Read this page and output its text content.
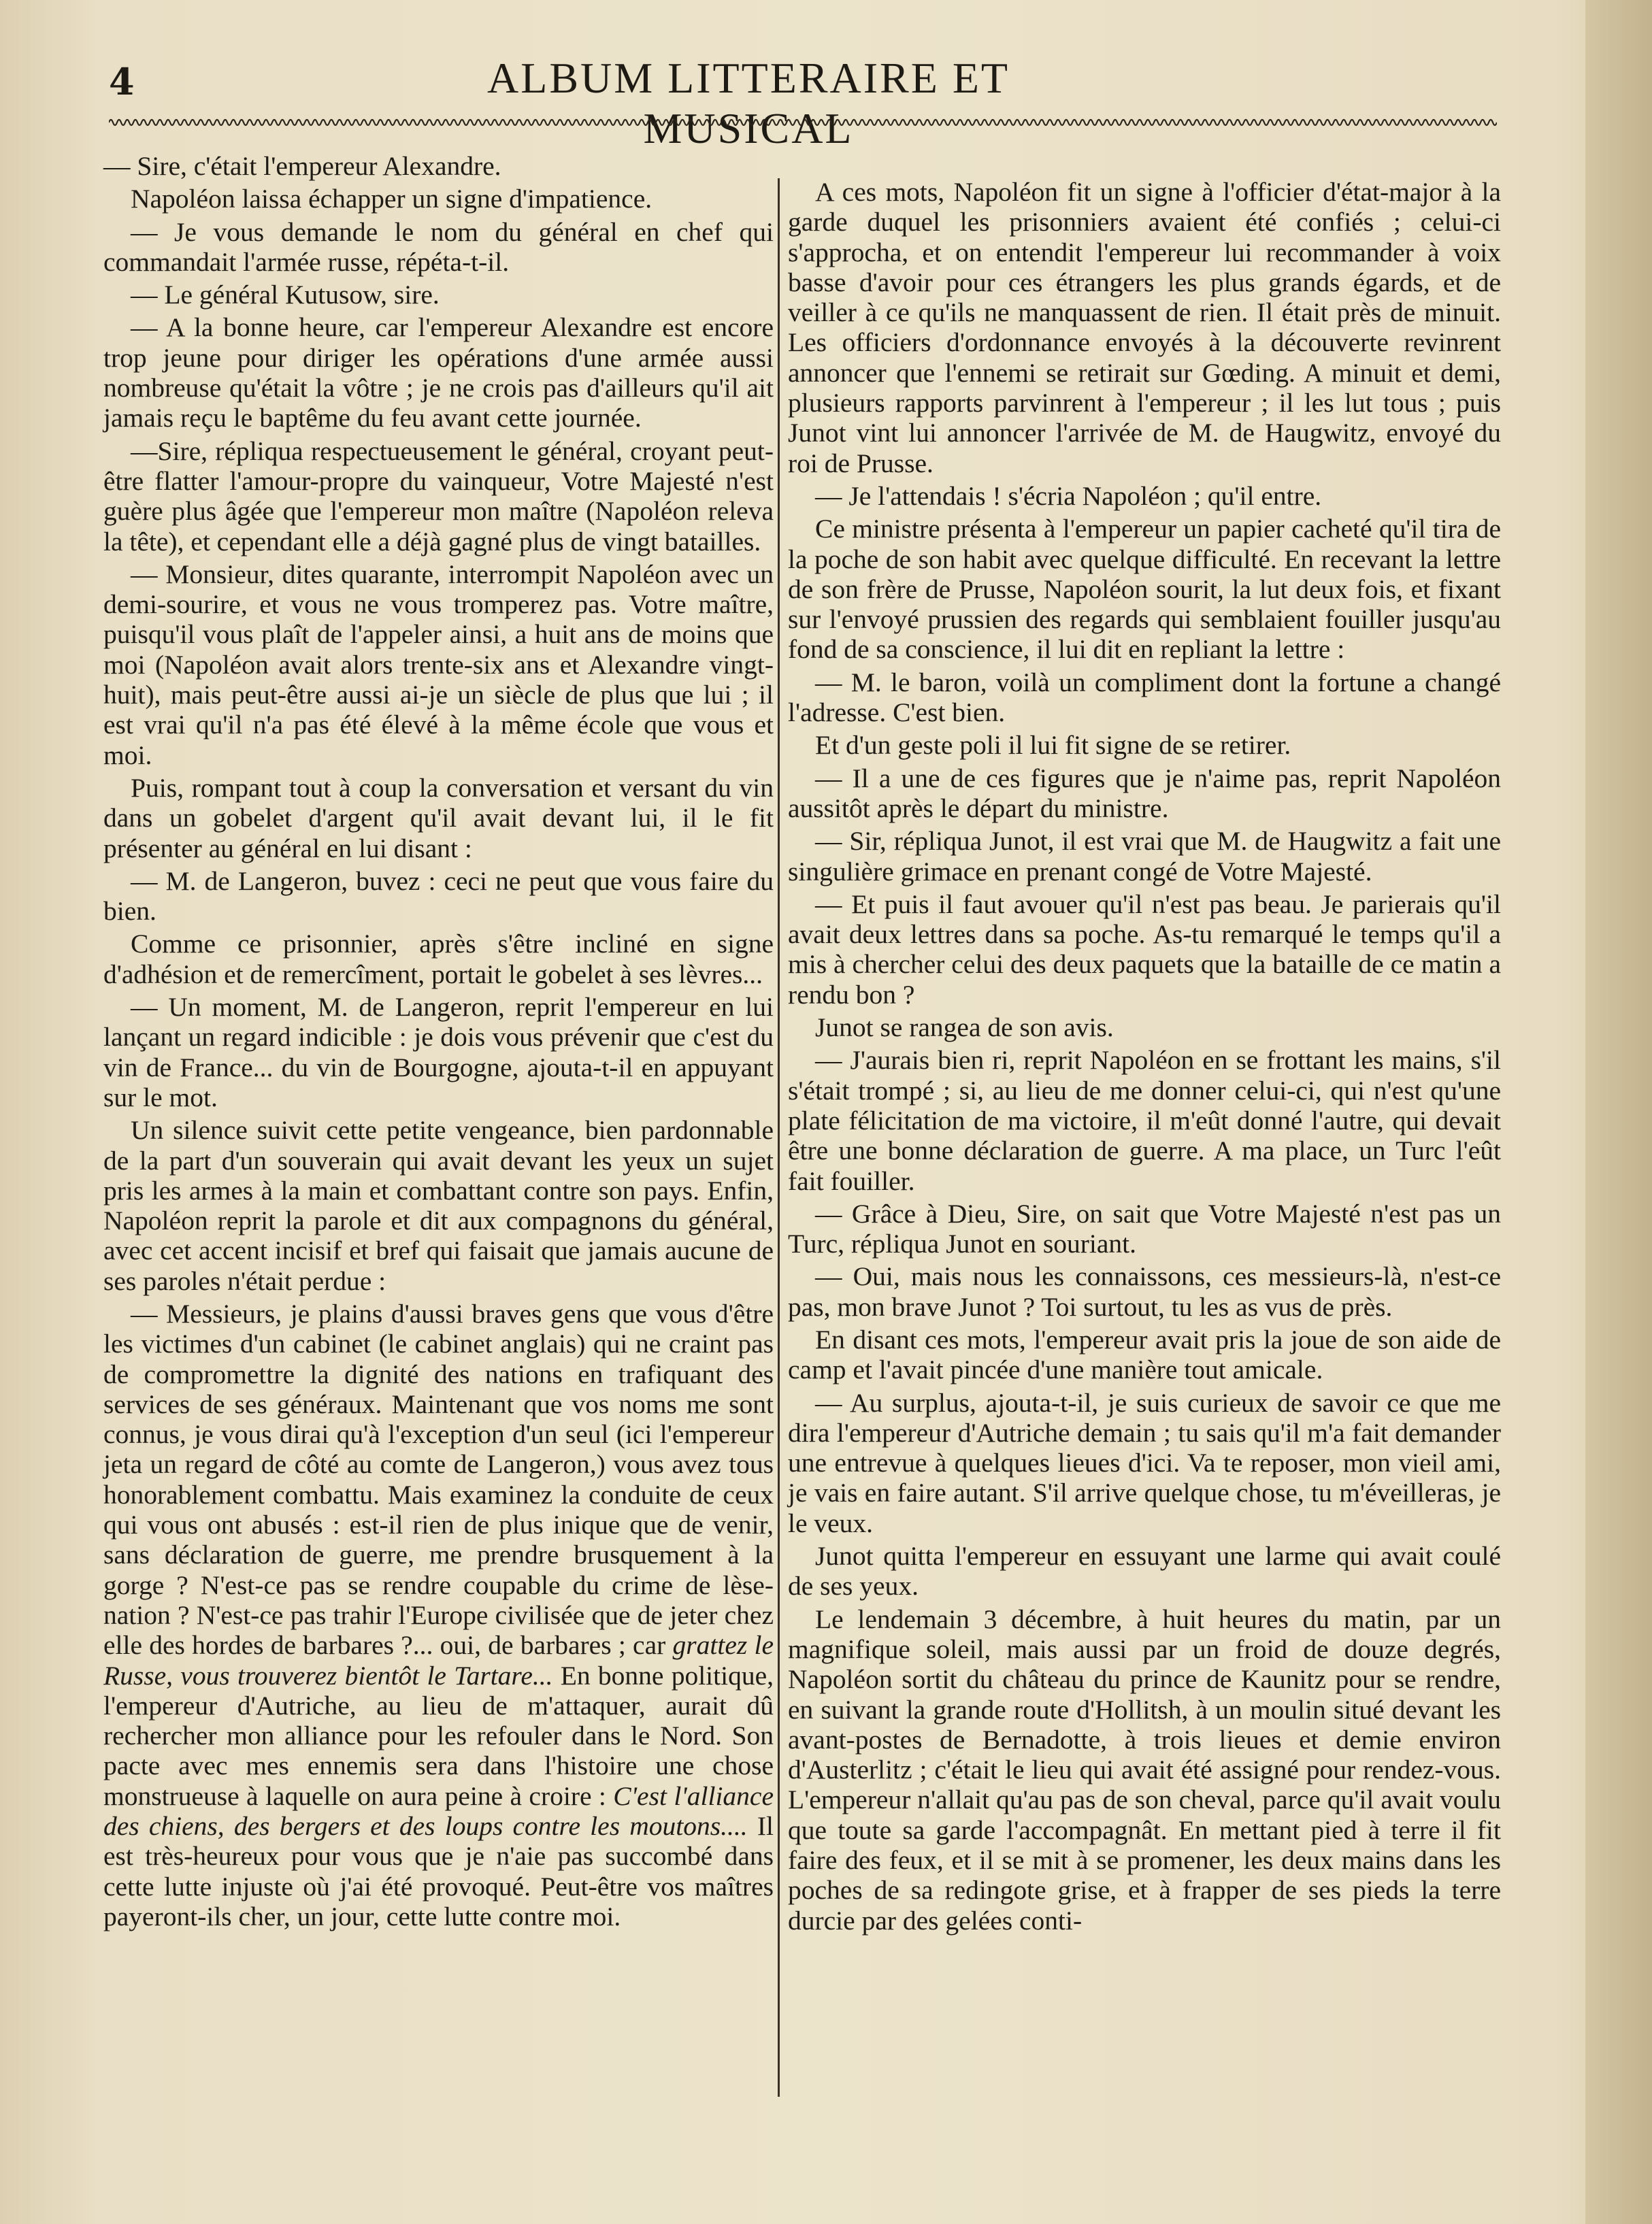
4	ALBUM LITTERAIRE ET MUSICAL

— Sire, c'était l'empereur Alexandre.

Napoléon laissa échapper un signe d'impatience.

— Je vous demande le nom du général en chef qui commandait l'armée russe, répéta-t-il.

— Le général Kutusow, sire.

— A la bonne heure, car l'empereur Alexandre est encore trop jeune pour diriger les opérations d'une armée aussi nombreuse qu'était la vôtre ; je ne crois pas d'ailleurs qu'il ait jamais reçu le baptême du feu avant cette journée.

—Sire, répliqua respectueusement le général, croyant peut-être flatter l'amour-propre du vainqueur, Votre Majesté n'est guère plus âgée que l'empereur mon maître (Napoléon releva la tête), et cependant elle a déjà gagné plus de vingt batailles.

— Monsieur, dites quarante, interrompit Napoléon avec un demi-sourire, et vous ne vous tromperez pas. Votre maître, puisqu'il vous plaît de l'appeler ainsi, a huit ans de moins que moi (Napoléon avait alors trente-six ans et Alexandre vingt-huit), mais peut-être aussi ai-je un siècle de plus que lui ; il est vrai qu'il n'a pas été élevé à la même école que vous et moi.

Puis, rompant tout à coup la conversation et versant du vin dans un gobelet d'argent qu'il avait devant lui, il le fit présenter au général en lui disant :

— M. de Langeron, buvez : ceci ne peut que vous faire du bien.

Comme ce prisonnier, après s'être incliné en signe d'adhésion et de remercîment, portait le gobelet à ses lèvres...

— Un moment, M. de Langeron, reprit l'empereur en lui lançant un regard indicible : je dois vous prévenir que c'est du vin de France... du vin de Bourgogne, ajouta-t-il en appuyant sur le mot.

Un silence suivit cette petite vengeance, bien pardonnable de la part d'un souverain qui avait devant les yeux un sujet pris les armes à la main et combattant contre son pays. Enfin, Napoléon reprit la parole et dit aux compagnons du général, avec cet accent incisif et bref qui faisait que jamais aucune de ses paroles n'était perdue :

— Messieurs, je plains d'aussi braves gens que vous d'être les victimes d'un cabinet (le cabinet anglais) qui ne craint pas de compromettre la dignité des nations en trafiquant des services de ses généraux. Maintenant que vos noms me sont connus, je vous dirai qu'à l'exception d'un seul (ici l'empereur jeta un regard de côté au comte de Langeron,) vous avez tous honorablement combattu. Mais examinez la conduite de ceux qui vous ont abusés : est-il rien de plus inique que de venir, sans déclaration de guerre, me prendre brusquement à la gorge ? N'est-ce pas se rendre coupable du crime de lèse-nation ? N'est-ce pas trahir l'Europe civilisée que de jeter chez elle des hordes de barbares ?... oui, de barbares ; car grattez le Russe, vous trouverez bientôt le Tartare... En bonne politique, l'empereur d'Autriche, au lieu de m'attaquer, aurait dû rechercher mon alliance pour les refouler dans le Nord. Son pacte avec mes ennemis sera dans l'histoire une chose monstrueuse à laquelle on aura peine à croire : C'est l'alliance des chiens, des bergers et des loups contre les moutons.... Il est très-heureux pour vous que je n'aie pas succombé dans cette lutte injuste où j'ai été provoqué. Peut-être vos maîtres payeront-ils cher, un jour, cette lutte contre moi.

A ces mots, Napoléon fit un signe à l'officier d'état-major à la garde duquel les prisonniers avaient été confiés ; celui-ci s'approcha, et on entendit l'empereur lui recommander à voix basse d'avoir pour ces étrangers les plus grands égards, et de veiller à ce qu'ils ne manquassent de rien. Il était près de minuit. Les officiers d'ordonnance envoyés à la découverte revinrent annoncer que l'ennemi se retirait sur Gœding. A minuit et demi, plusieurs rapports parvinrent à l'empereur ; il les lut tous ; puis Junot vint lui annoncer l'arrivée de M. de Haugwitz, envoyé du roi de Prusse.

— Je l'attendais ! s'écria Napoléon ; qu'il entre.

Ce ministre présenta à l'empereur un papier cacheté qu'il tira de la poche de son habit avec quelque difficulté. En recevant la lettre de son frère de Prusse, Napoléon sourit, la lut deux fois, et fixant sur l'envoyé prussien des regards qui semblaient fouiller jusqu'au fond de sa conscience, il lui dit en repliant la lettre :

— M. le baron, voilà un compliment dont la fortune a changé l'adresse. C'est bien.

Et d'un geste poli il lui fit signe de se retirer.

— Il a une de ces figures que je n'aime pas, reprit Napoléon aussitôt après le départ du ministre.

— Sir, répliqua Junot, il est vrai que M. de Haugwitz a fait une singulière grimace en prenant congé de Votre Majesté.

— Et puis il faut avouer qu'il n'est pas beau. Je parierais qu'il avait deux lettres dans sa poche. As-tu remarqué le temps qu'il a mis à chercher celui des deux paquets que la bataille de ce matin a rendu bon ?

Junot se rangea de son avis.

— J'aurais bien ri, reprit Napoléon en se frottant les mains, s'il s'était trompé ; si, au lieu de me donner celui-ci, qui n'est qu'une plate félicitation de ma victoire, il m'eût donné l'autre, qui devait être une bonne déclaration de guerre. A ma place, un Turc l'eût fait fouiller.

— Grâce à Dieu, Sire, on sait que Votre Majesté n'est pas un Turc, répliqua Junot en souriant.

— Oui, mais nous les connaissons, ces messieurs-là, n'est-ce pas, mon brave Junot ? Toi surtout, tu les as vus de près.

En disant ces mots, l'empereur avait pris la joue de son aide de camp et l'avait pincée d'une manière tout amicale.

— Au surplus, ajouta-t-il, je suis curieux de savoir ce que me dira l'empereur d'Autriche demain ; tu sais qu'il m'a fait demander une entrevue à quelques lieues d'ici. Va te reposer, mon vieil ami, je vais en faire autant. S'il arrive quelque chose, tu m'éveilleras, je le veux.

Junot quitta l'empereur en essuyant une larme qui avait coulé de ses yeux.

Le lendemain 3 décembre, à huit heures du matin, par un magnifique soleil, mais aussi par un froid de douze degrés, Napoléon sortit du château du prince de Kaunitz pour se rendre, en suivant la grande route d'Hollitsh, à un moulin situé devant les avant-postes de Bernadotte, à trois lieues et demie environ d'Austerlitz ; c'était le lieu qui avait été assigné pour rendez-vous. L'empereur n'allait qu'au pas de son cheval, parce qu'il avait voulu que toute sa garde l'accompagnât. En mettant pied à terre il fit faire des feux, et il se mit à se promener, les deux mains dans les poches de sa redingote grise, et à frapper de ses pieds la terre durcie par des gelées conti-
